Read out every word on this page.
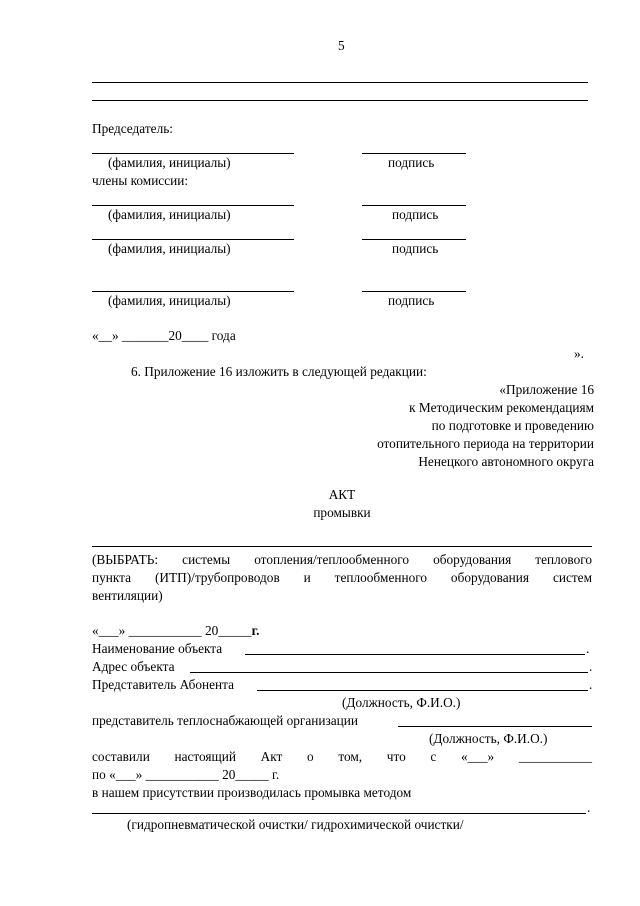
5
Председатель:
(фамилия, инициалы)	подпись
члены комиссии:
(фамилия, инициалы)	подпись
(фамилия, инициалы)	подпись
(фамилия, инициалы)	подпись
«__» _______20____ года
».
6. Приложение 16 изложить в следующей редакции:
«Приложение 16
к Методическим рекомендациям
по подготовке и проведению
отопительного периода на территории
Ненецкого автономного округа
АКТ
промывки
(ВЫБРАТЬ: системы отопления/теплообменного оборудования теплового
пункта (ИТП)/трубопроводов и теплообменного оборудования систем
вентиляции)
«___» ___________ 20_____г.
Наименование объекта	.
Адрес объекта	.
Представитель Абонента	.
(Должность, Ф.И.О.)
представитель теплоснабжающей организации
(Должность, Ф.И.О.)
составили настоящий Акт о том, что с «___» ___________
по «___» ___________ 20_____ г.
в нашем присутствии производилась промывка методом
.
(гидропневматической очистки/ гидрохимической очистки/
